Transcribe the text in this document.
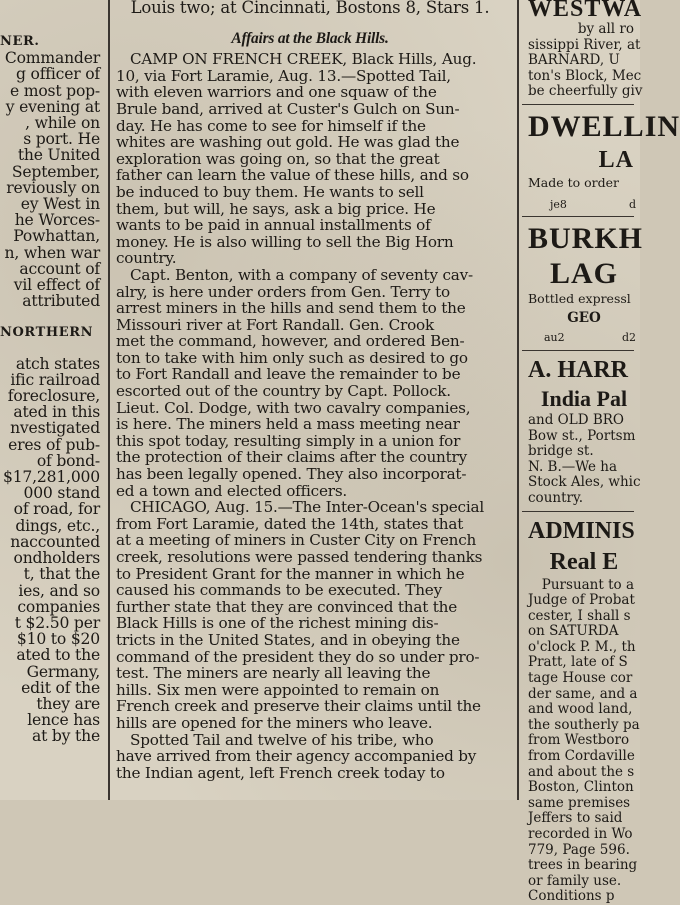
NER.
Commander
g officer of
e most pop-
y evening at
, while on
s port. He
the United
September,
reviously on
ey West in
he Worces-
Powhattan,
n, when war
account of
vil effect of
attributed
NORTHERN
atch states
ific railroad
foreclosure,
ated in this
nvestigated
eres of pub-
of bond-
$17,281,000
000 stand
of road, for
dings, etc.,
naccounted
ondholders
t, that the
ies, and so
companies
t $2.50 per
$10 to $20
ated to the
Germany,
edit of the
they are
lence has
at by the
Louis two; at Cincinnati, Bostons 8, Stars 1.
Affairs at the Black Hills.
CAMP ON FRENCH CREEK, Black Hills, Aug.
10, via Fort Laramie, Aug. 13.—Spotted Tail,
with eleven warriors and one squaw of the
Brule band, arrived at Custer's Gulch on Sun-
day. He has come to see for himself if the
whites are washing out gold. He was glad the
exploration was going on, so that the great
father can learn the value of these hills, and so
be induced to buy them. He wants to sell
them, but will, he says, ask a big price. He
wants to be paid in annual installments of
money. He is also willing to sell the Big Horn
country.
Capt. Benton, with a company of seventy cav-
alry, is here under orders from Gen. Terry to
arrest miners in the hills and send them to the
Missouri river at Fort Randall. Gen. Crook
met the command, however, and ordered Ben-
ton to take with him only such as desired to go
to Fort Randall and leave the remainder to be
escorted out of the country by Capt. Pollock.
Lieut. Col. Dodge, with two cavalry companies,
is here. The miners held a mass meeting near
this spot today, resulting simply in a union for
the protection of their claims after the country
has been legally opened. They also incorporat-
ed a town and elected officers.
CHICAGO, Aug. 15.—The Inter-Ocean's special
from Fort Laramie, dated the 14th, states that
at a meeting of miners in Custer City on French
creek, resolutions were passed tendering thanks
to President Grant for the manner in which he
caused his commands to be executed. They
further state that they are convinced that the
Black Hills is one of the richest mining dis-
tricts in the United States, and in obeying the
command of the president they do so under pro-
test. The miners are nearly all leaving the
hills. Six men were appointed to remain on
French creek and preserve their claims until the
hills are opened for the miners who leave.
Spotted Tail and twelve of his tribe, who
have arrived from their agency accompanied by
the Indian agent, left French creek today to
WESTWA
by all ro
sissippi River, at
BARNARD, U
ton's Block, Mec
be cheerfully giv
DWELLIN
LA
Made to order
je8	d
BURKH
LAG
Bottled expressl
GEO
au2	d2
A. HARR
India Pal
and OLD BRO
Bow st., Portsm
bridge st.
N. B.—We ha
Stock Ales, whic
country.
ADMINIS
Real E
Pursuant to a
Judge of Probat
cester, I shall s
on SATURDA
o'clock P. M., th
Pratt, late of S
tage House cor
der same, and a
and wood land,
the southerly pa
from Westboro
from Cordaville
and about the s
Boston, Clinton
same premises
Jeffers to said
recorded in Wo
779, Page 596.
trees in bearing
or family use.
Conditions p
